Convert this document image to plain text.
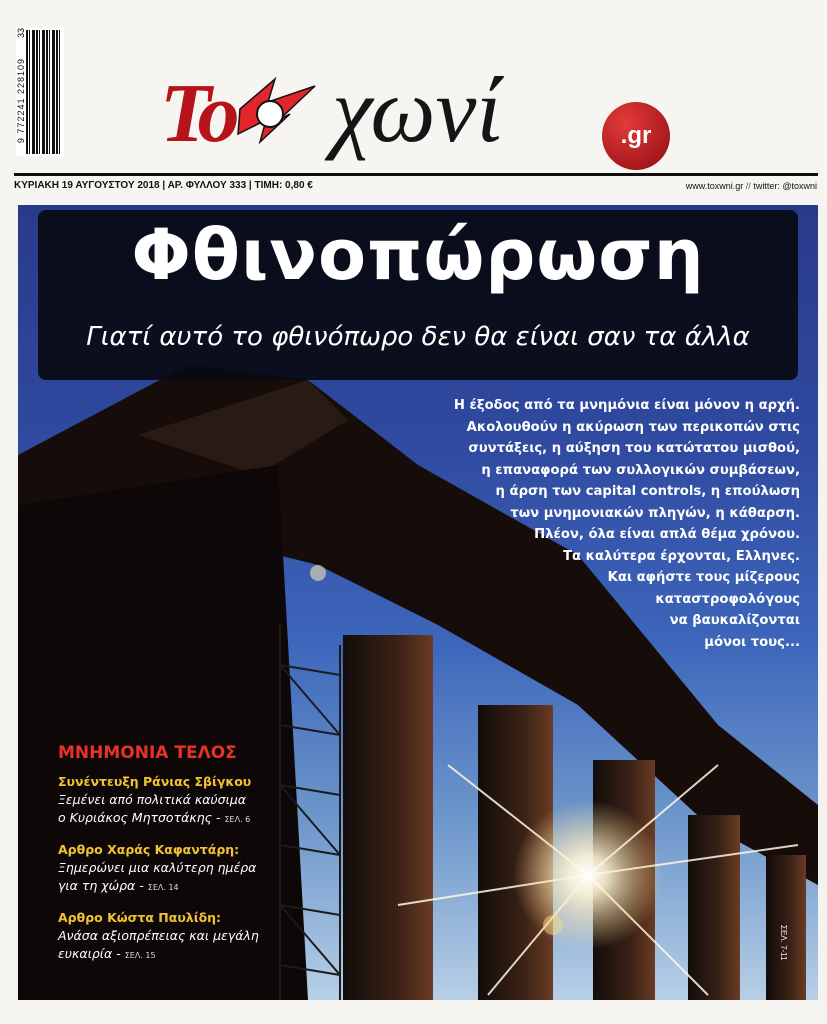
33
9 772241 228109 Το χωνί	.gr
ΚΥΡΙΑΚΗ 19 ΑΥΓΟΥΣΤΟΥ 2018 | ΑΡ. ΦΥΛΛΟΥ 333 | ΤΙΜΗ: 0,80 €	www.toxwni.gr // twitter: @toxwni
Φθινοπώρωση
Γιατί αυτό το φθινόπωρο δεν θα είναι σαν τα άλλα
Η έξοδος από τα μνημόνια είναι μόνον η αρχή.
Ακολουθούν η ακύρωση των περικοπών στις
συντάξεις, η αύξηση του κατώτατου μισθού,
η επαναφορά των συλλογικών συμβάσεων,
η άρση των capital controls, η επούλωση
των μνημονιακών πληγών, η κάθαρση.
Πλέον, όλα είναι απλά θέμα χρόνου.
Τα καλύτερα έρχονται, Ελληνες.
Και αφήστε τους μίζερους
καταστροφολόγους
να βαυκαλίζονται
μόνοι τους...
ΜΝΗΜΟΝΙΑ ΤΕΛΟΣ
Συνέντευξη Ράνιας Σβίγκου
Ξεμένει από πολιτικά καύσιμα
ο Κυριάκος Μητσοτάκης - ΣΕΛ. 6
Αρθρο Χαράς Καφαντάρη:
Ξημερώνει μια καλύτερη ημέρα
για τη χώρα - ΣΕΛ. 14
Αρθρο Κώστα Παυλίδη:
Ανάσα αξιοπρέπειας και μεγάλη
ευκαιρία - ΣΕΛ. 15	ΣΕΛ. 7-11
